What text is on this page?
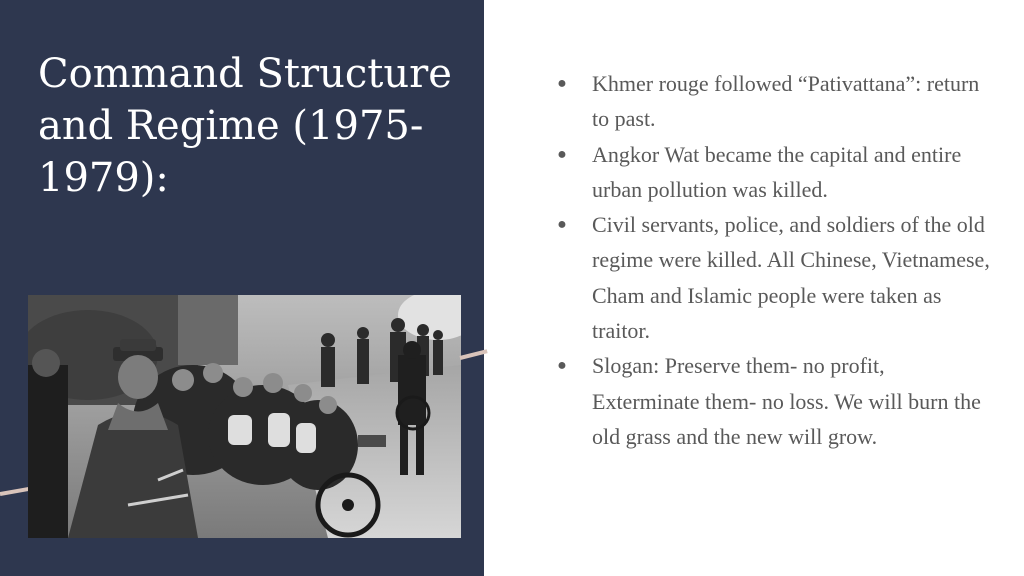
Command Structure and Regime (1975-1979):
● Khmer rouge followed “Pativattana”: return to past.
● Angkor Wat became the capital and entire urban pollution was killed.
● Civil servants, police, and soldiers of the old regime were killed. All Chinese, Vietnamese, Cham and Islamic people were taken as traitor.
● Slogan: Preserve them- no profit, Exterminate them- no loss. We will burn the old grass and the new will grow.
